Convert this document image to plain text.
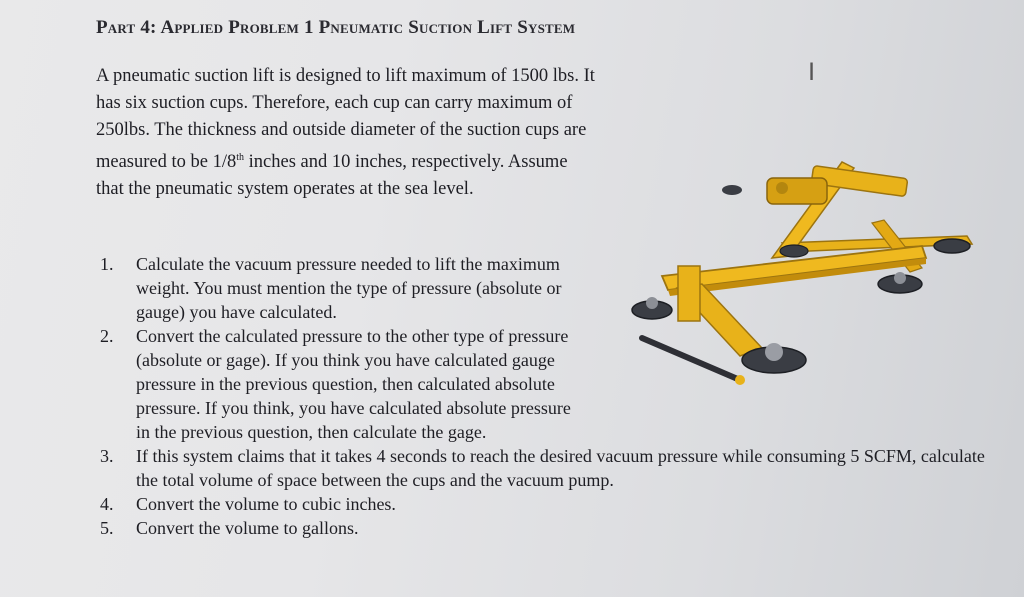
Part 4: Applied Problem 1 Pneumatic Suction Lift System
I

A pneumatic suction lift is designed to lift maximum of 1500 lbs. It has six suction cups. Therefore, each cup can carry maximum of 250lbs. The thickness and outside diameter of the suction cups are measured to be 1/8th inches and 10 inches, respectively. Assume that the pneumatic system operates at the sea level.

1. Calculate the vacuum pressure needed to lift the maximum weight. You must mention the type of pressure (absolute or gauge) you have calculated.
2. Convert the calculated pressure to the other type of pressure (absolute or gage). If you think you have calculated gauge pressure in the previous question, then calculated absolute pressure. If you think, you have calculated absolute pressure in the previous question, then calculate the gage.
3. If this system claims that it takes 4 seconds to reach the desired vacuum pressure while consuming 5 SCFM, calculate the total volume of space between the cups and the vacuum pump.
4. Convert the volume to cubic inches.
5. Convert the volume to gallons.
